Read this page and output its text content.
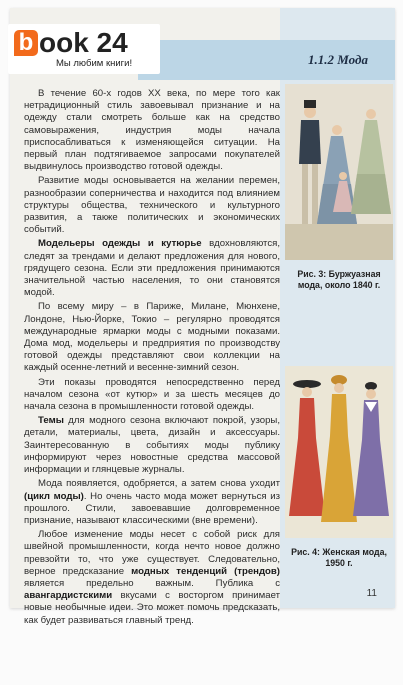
1.1.2 Мода

В течение 60-х годов XX века, по мере того как нетрадиционный стиль завоевывал признание и на одежду стали смотреть больше как на средство самовыражения, индустрия моды начала приспосабливаться к изменяющейся ситуации. На первый план подтягиваемое запросами покупателей выдвинулось производство готовой одежды.

Развитие моды основывается на желании перемен, разнообразии соперничества и находится под влиянием структуры общества, технического и культурного развития, а также политических и экономических событий.

Модельеры одежды и кутюрье вдохновляются, следят за трендами и делают предложения для нового, грядущего сезона. Если эти предложения принимаются значительной частью населения, то они становятся модой.

По всему миру – в Париже, Милане, Мюнхене, Лондоне, Нью-Йорке, Токио – регулярно проводятся международные ярмарки моды с модными показами. Дома мод, модельеры и предприятия по производству готовой одежды представляют свои коллекции на каждый осенне-летний и весенне-зимний сезон.

Эти показы проводятся непосредственно перед началом сезона «от кутюр» и за шесть месяцев до начала сезона в промышленности готовой одежды.

Темы для модного сезона включают покрой, узоры, детали, материалы, цвета, дизайн и аксессуары. Заинтересованную в событиях моды публику информируют через новостные средства массовой информации и глянцевые журналы.

Мода появляется, одобряется, а затем снова уходит (цикл моды). Но очень часто мода может вернуться из прошлого. Стили, завоевавшие долговременное признание, называют классическими (вне времени).

Любое изменение моды несет с собой риск для швейной промышленности, когда нечто новое должно превзойти то, что уже существует. Следовательно, верное предсказание модных тенденций (трендов) является предельно важным. Публика с авангардистскими вкусами с восторгом принимает новые необычные идеи. Это может помочь предсказать, как будет развиваться главный тренд.

Рис. 3: Буржуазная мода, около 1840 г.
Рис. 4: Женская мода, 1950 г.
11
b ook 24
Мы любим книги!
